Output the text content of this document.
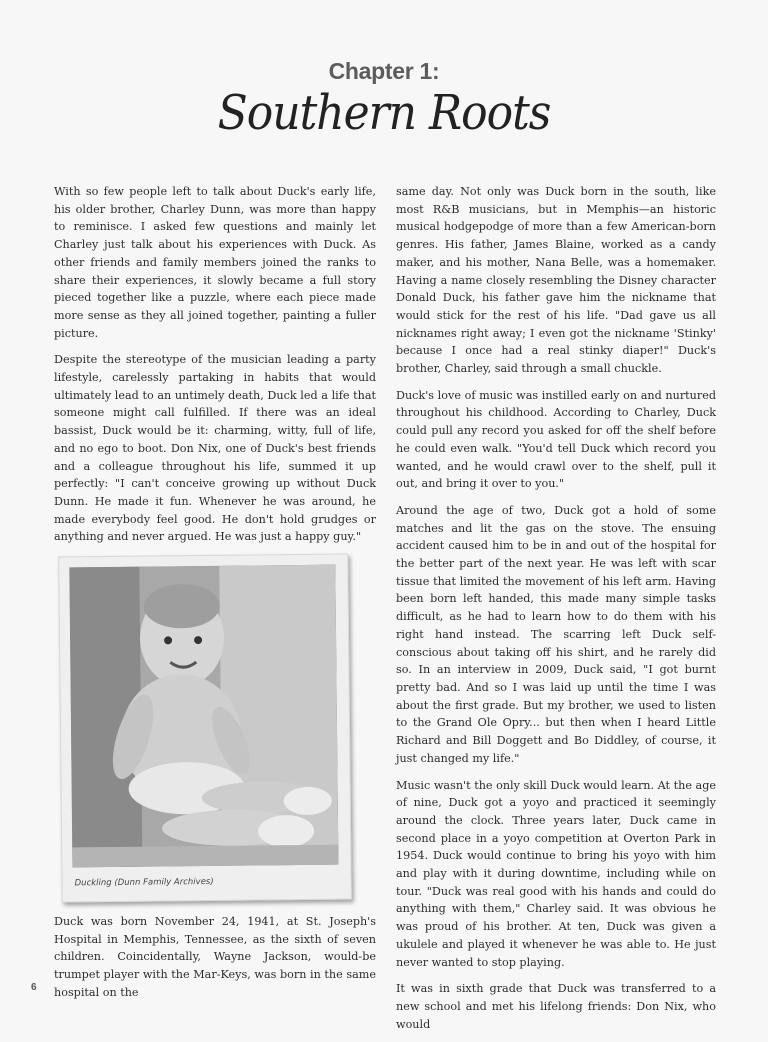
Chapter 1:
Southern Roots

With so few people left to talk about Duck's early life, his older brother, Charley Dunn, was more than happy to reminisce. I asked few questions and mainly let Charley just talk about his experiences with Duck. As other friends and family members joined the ranks to share their experiences, it slowly became a full story pieced together like a puzzle, where each piece made more sense as they all joined together, painting a fuller picture.

Despite the stereotype of the musician leading a party lifestyle, carelessly partaking in habits that would ultimately lead to an untimely death, Duck led a life that someone might call fulfilled. If there was an ideal bassist, Duck would be it: charming, witty, full of life, and no ego to boot. Don Nix, one of Duck's best friends and a colleague throughout his life, summed it up perfectly: "I can't conceive growing up without Duck Dunn. He made it fun. Whenever he was around, he made everybody feel good. He don't hold grudges or anything and never argued. He was just a happy guy."

Duckling (Dunn Family Archives)

Duck was born November 24, 1941, at St. Joseph's Hospital in Memphis, Tennessee, as the sixth of seven children. Coincidentally, Wayne Jackson, would-be trumpet player with the Mar-Keys, was born in the same hospital on the

same day. Not only was Duck born in the south, like most R&B musicians, but in Memphis—an historic musical hodgepodge of more than a few American-born genres. His father, James Blaine, worked as a candy maker, and his mother, Nana Belle, was a homemaker. Having a name closely resembling the Disney character Donald Duck, his father gave him the nickname that would stick for the rest of his life. "Dad gave us all nicknames right away; I even got the nickname 'Stinky' because I once had a real stinky diaper!" Duck's brother, Charley, said through a small chuckle.

Duck's love of music was instilled early on and nurtured throughout his childhood. According to Charley, Duck could pull any record you asked for off the shelf before he could even walk. "You'd tell Duck which record you wanted, and he would crawl over to the shelf, pull it out, and bring it over to you."

Around the age of two, Duck got a hold of some matches and lit the gas on the stove. The ensuing accident caused him to be in and out of the hospital for the better part of the next year. He was left with scar tissue that limited the movement of his left arm. Having been born left handed, this made many simple tasks difficult, as he had to learn how to do them with his right hand instead. The scarring left Duck self-conscious about taking off his shirt, and he rarely did so. In an interview in 2009, Duck said, "I got burnt pretty bad. And so I was laid up until the time I was about the first grade. But my brother, we used to listen to the Grand Ole Opry... but then when I heard Little Richard and Bill Doggett and Bo Diddley, of course, it just changed my life."

Music wasn't the only skill Duck would learn. At the age of nine, Duck got a yoyo and practiced it seemingly around the clock. Three years later, Duck came in second place in a yoyo competition at Overton Park in 1954. Duck would continue to bring his yoyo with him and play with it during downtime, including while on tour. "Duck was real good with his hands and could do anything with them," Charley said. It was obvious he was proud of his brother. At ten, Duck was given a ukulele and played it whenever he was able to. He just never wanted to stop playing.

It was in sixth grade that Duck was transferred to a new school and met his lifelong friends: Don Nix, who would

6
